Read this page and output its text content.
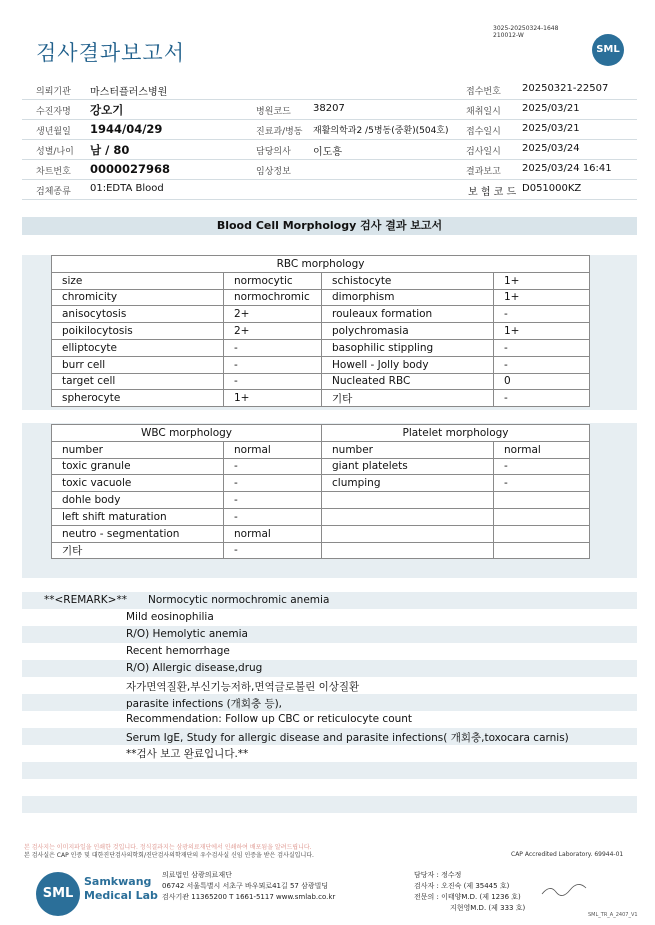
3025-20250324-1648
210012-W
검사결과보고서	SML
의뢰기관 마스터플러스병원	접수번호 20250321-22507
수진자명 강오기	병원코드 38207	채취일시 2025/03/21
생년월일 1944/04/29	진료과/병동 재활의학과2 /5병동(중환)(504호) 접수일시 2025/03/21
성별/나이 남 / 80	담당의사 이도흥	검사일시 2025/03/24
차트번호 0000027968	임상정보	결과보고 2025/03/24 16:41
검체종류 01:EDTA Blood	보 험 코 드 D051000KZ
Blood Cell Morphology 검사 결과 보고서
RBC morphology			
size	normocytic	schistocyte	1+
chromicity	normochromic	dimorphism	1+
anisocytosis	2+	rouleaux formation	-
poikilocytosis	2+	polychromasia	1+
elliptocyte	-	basophilic stippling	-
burr cell	-	Howell - Jolly body	-
target cell	-	Nucleated RBC	0
spherocyte	1+	기타	-
WBC morphology		Platelet morphology	
number	normal	number	normal
toxic granule	-	giant platelets	-
toxic vacuole	-	clumping	-
dohle body	-		
left shift maturation	-		
neutro - segmentation	normal		
기타	-		
**<REMARK>** Normocytic normochromic anemia
Mild eosinophilia
R/O) Hemolytic anemia
Recent hemorrhage
R/O) Allergic disease,drug
자가면역질환,부신기능저하,면역글로불린 이상질환
parasite infections (개회충 등),
Recommendation: Follow up CBC or reticulocyte count
Serum IgE, Study for allergic disease and parasite infections( 개회충,toxocara carnis)
**검사 보고 완료입니다.**
본 검사지는 이미지파일을 인쇄한 것입니다. 정식결과지는 삼광의료재단에서 인쇄하여 배포됨을 알려드립니다.
본 검사실은 CAP 인증 및 대한진단검사의학회/진단검사의학재단의 우수검사실 신임 인증을 받은 검사실입니다.	CAP Accredited Laboratory. 69944-01
SML
Samkwang
Medical Lab
의료법인 삼광의료재단
06742 서울특별시 서초구 바우뫼로41길 57 삼광빌딩
검사기관 11365200 T 1661-5117 www.smlab.co.kr
담당자 : 정수정
검사자 : 오진숙 (제 35445 호)
전문의 : 이태양M.D. (제 1236 호)
지현영M.D. (제 333 호)
SML_TR_A_2407_V1
